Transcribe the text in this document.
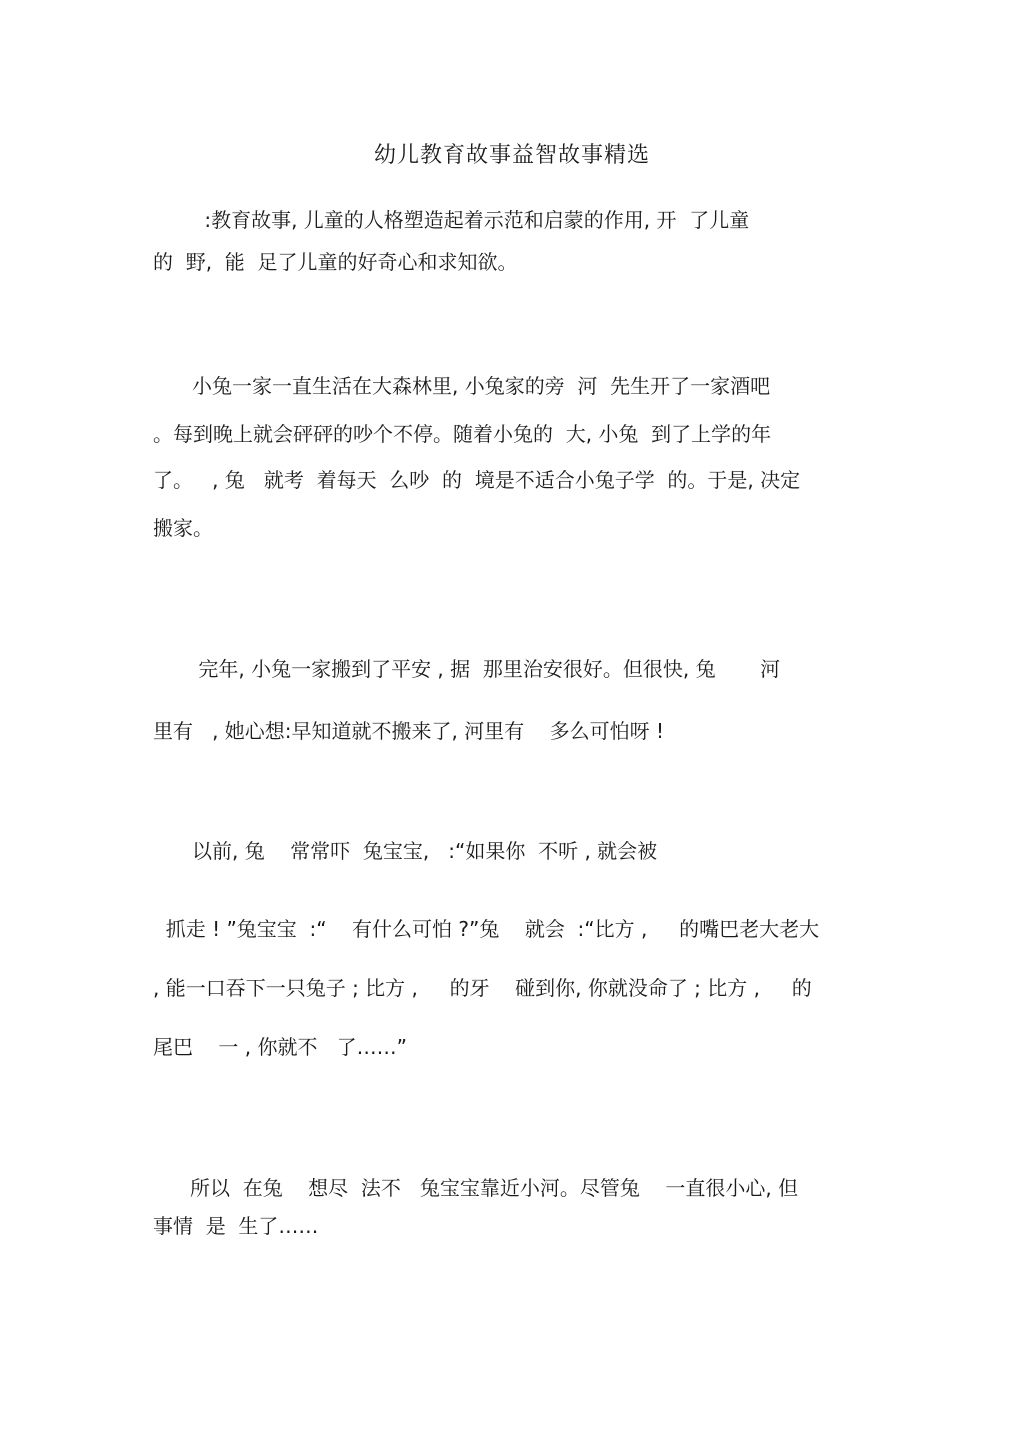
幼儿教育故事益智故事精选
:教育故事, 儿童的人格塑造起着示范和启蒙的作用, 开  了儿童
的  野,  能  足了儿童的好奇心和求知欲。
小兔一家一直生活在大森林里, 小兔家的旁  河  先生开了一家酒吧
。每到晚上就会砰砰的吵个不停。随着小兔的  大, 小兔  到了上学的年
了。   , 兔   就考  着每天  么吵  的  境是不适合小兔子学  的。于是, 决定
搬家。
完年, 小兔一家搬到了平安 , 据  那里治安很好。但很快, 兔       河
里有   , 她心想:早知道就不搬来了, 河里有    多么可怕呀 !
以前, 兔    常常吓  兔宝宝,   :“如果你  不听 , 就会被
抓走 ! ”兔宝宝  :“    有什么可怕 ?”兔    就会  :“比方 ,     的嘴巴老大老大
, 能一口吞下一只兔子 ; 比方 ,     的牙    碰到你, 你就没命了 ; 比方 ,     的
尾巴    一 , 你就不   了……”
所以  在兔    想尽  法不   兔宝宝靠近小河。尽管兔    一直很小心, 但
事情  是  生了……
